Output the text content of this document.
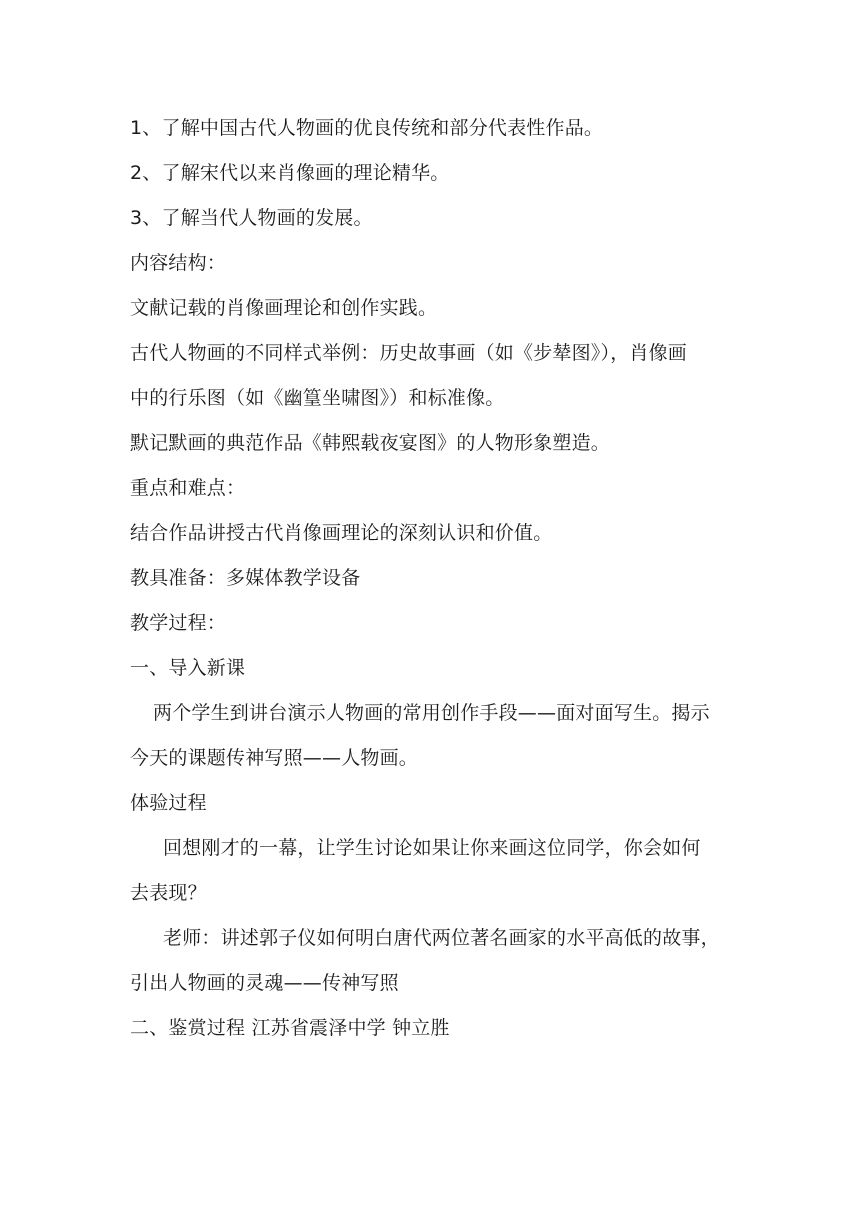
1、了解中国古代人物画的优良传统和部分代表性作品。
2、了解宋代以来肖像画的理论精华。
3、了解当代人物画的发展。
内容结构：
文献记载的肖像画理论和创作实践。
古代人物画的不同样式举例：历史故事画（如《步辇图》），肖像画
中的行乐图（如《幽篁坐啸图》）和标准像。
默记默画的典范作品《韩熙载夜宴图》的人物形象塑造。
重点和难点：
结合作品讲授古代肖像画理论的深刻认识和价值。
教具准备：多媒体教学设备
教学过程：
一、导入新课
两个学生到讲台演示人物画的常用创作手段——面对面写生。揭示
今天的课题传神写照——人物画。
体验过程
回想刚才的一幕，让学生讨论如果让你来画这位同学，你会如何
去表现？
老师：讲述郭子仪如何明白唐代两位著名画家的水平高低的故事，
引出人物画的灵魂——传神写照
二、鉴赏过程 江苏省震泽中学 钟立胜
